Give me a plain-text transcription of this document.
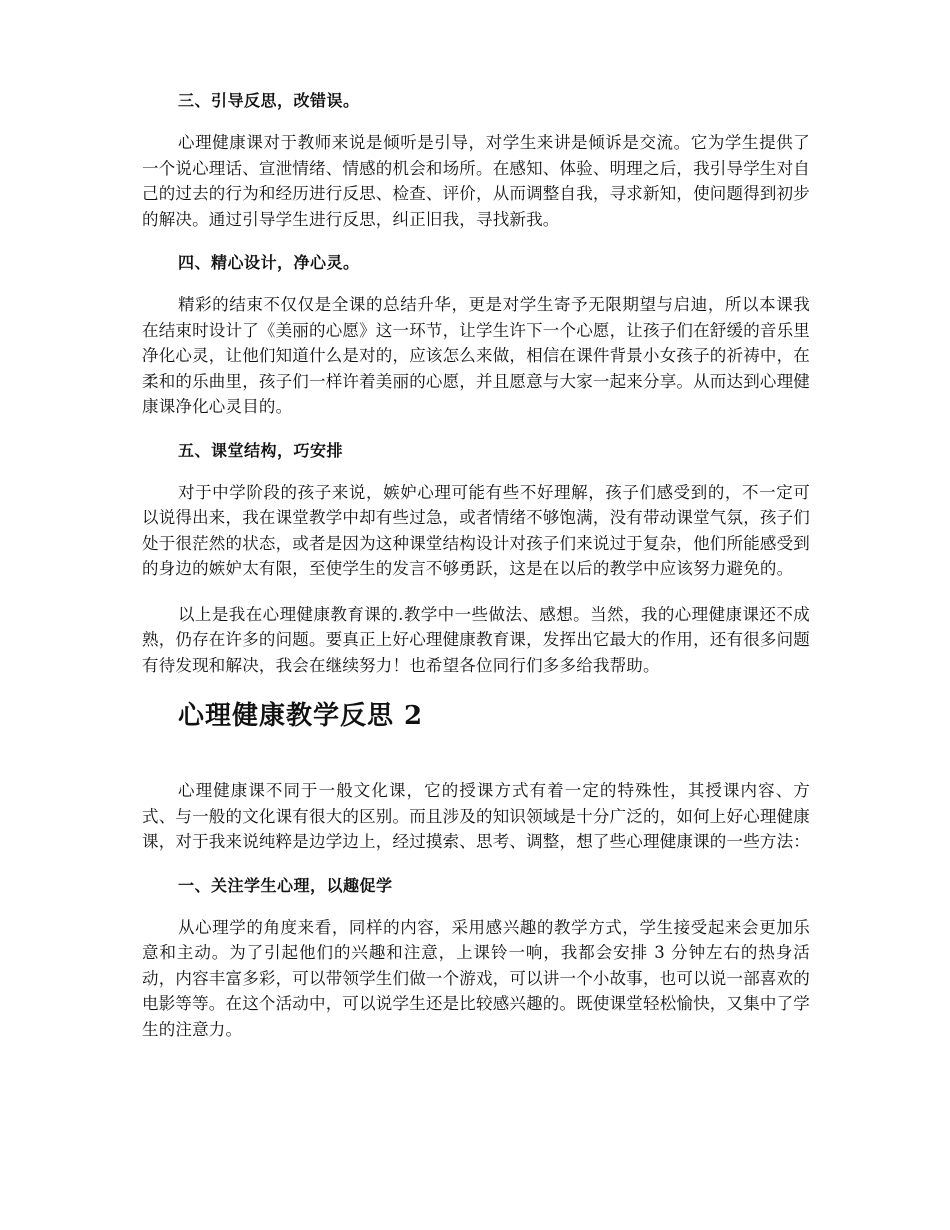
三、引导反思，改错误。

心理健康课对于教师来说是倾听是引导，对学生来讲是倾诉是交流。它为学生提供了一个说心理话、宣泄情绪、情感的机会和场所。在感知、体验、明理之后，我引导学生对自己的过去的行为和经历进行反思、检查、评价，从而调整自我，寻求新知，使问题得到初步的解决。通过引导学生进行反思，纠正旧我，寻找新我。

四、精心设计，净心灵。

精彩的结束不仅仅是全课的总结升华，更是对学生寄予无限期望与启迪，所以本课我在结束时设计了《美丽的心愿》这一环节，让学生许下一个心愿，让孩子们在舒缓的音乐里净化心灵，让他们知道什么是对的，应该怎么来做，相信在课件背景小女孩子的祈祷中，在柔和的乐曲里，孩子们一样许着美丽的心愿，并且愿意与大家一起来分享。从而达到心理健康课净化心灵目的。

五、课堂结构，巧安排

对于中学阶段的孩子来说，嫉妒心理可能有些不好理解，孩子们感受到的，不一定可以说得出来，我在课堂教学中却有些过急，或者情绪不够饱满，没有带动课堂气氛，孩子们处于很茫然的状态，或者是因为这种课堂结构设计对孩子们来说过于复杂，他们所能感受到的身边的嫉妒太有限，至使学生的发言不够勇跃，这是在以后的教学中应该努力避免的。

以上是我在心理健康教育课的.教学中一些做法、感想。当然，我的心理健康课还不成熟，仍存在许多的问题。要真正上好心理健康教育课，发挥出它最大的作用，还有很多问题有待发现和解决，我会在继续努力！也希望各位同行们多多给我帮助。

心理健康教学反思 2

心理健康课不同于一般文化课，它的授课方式有着一定的特殊性，其授课内容、方式、与一般的文化课有很大的区别。而且涉及的知识领域是十分广泛的，如何上好心理健康课，对于我来说纯粹是边学边上，经过摸索、思考、调整，想了些心理健康课的一些方法：

一、关注学生心理，以趣促学

从心理学的角度来看，同样的内容，采用感兴趣的教学方式，学生接受起来会更加乐意和主动。为了引起他们的兴趣和注意，上课铃一响，我都会安排 3 分钟左右的热身活动，内容丰富多彩，可以带领学生们做一个游戏，可以讲一个小故事，也可以说一部喜欢的电影等等。在这个活动中，可以说学生还是比较感兴趣的。既使课堂轻松愉快，又集中了学生的注意力。
